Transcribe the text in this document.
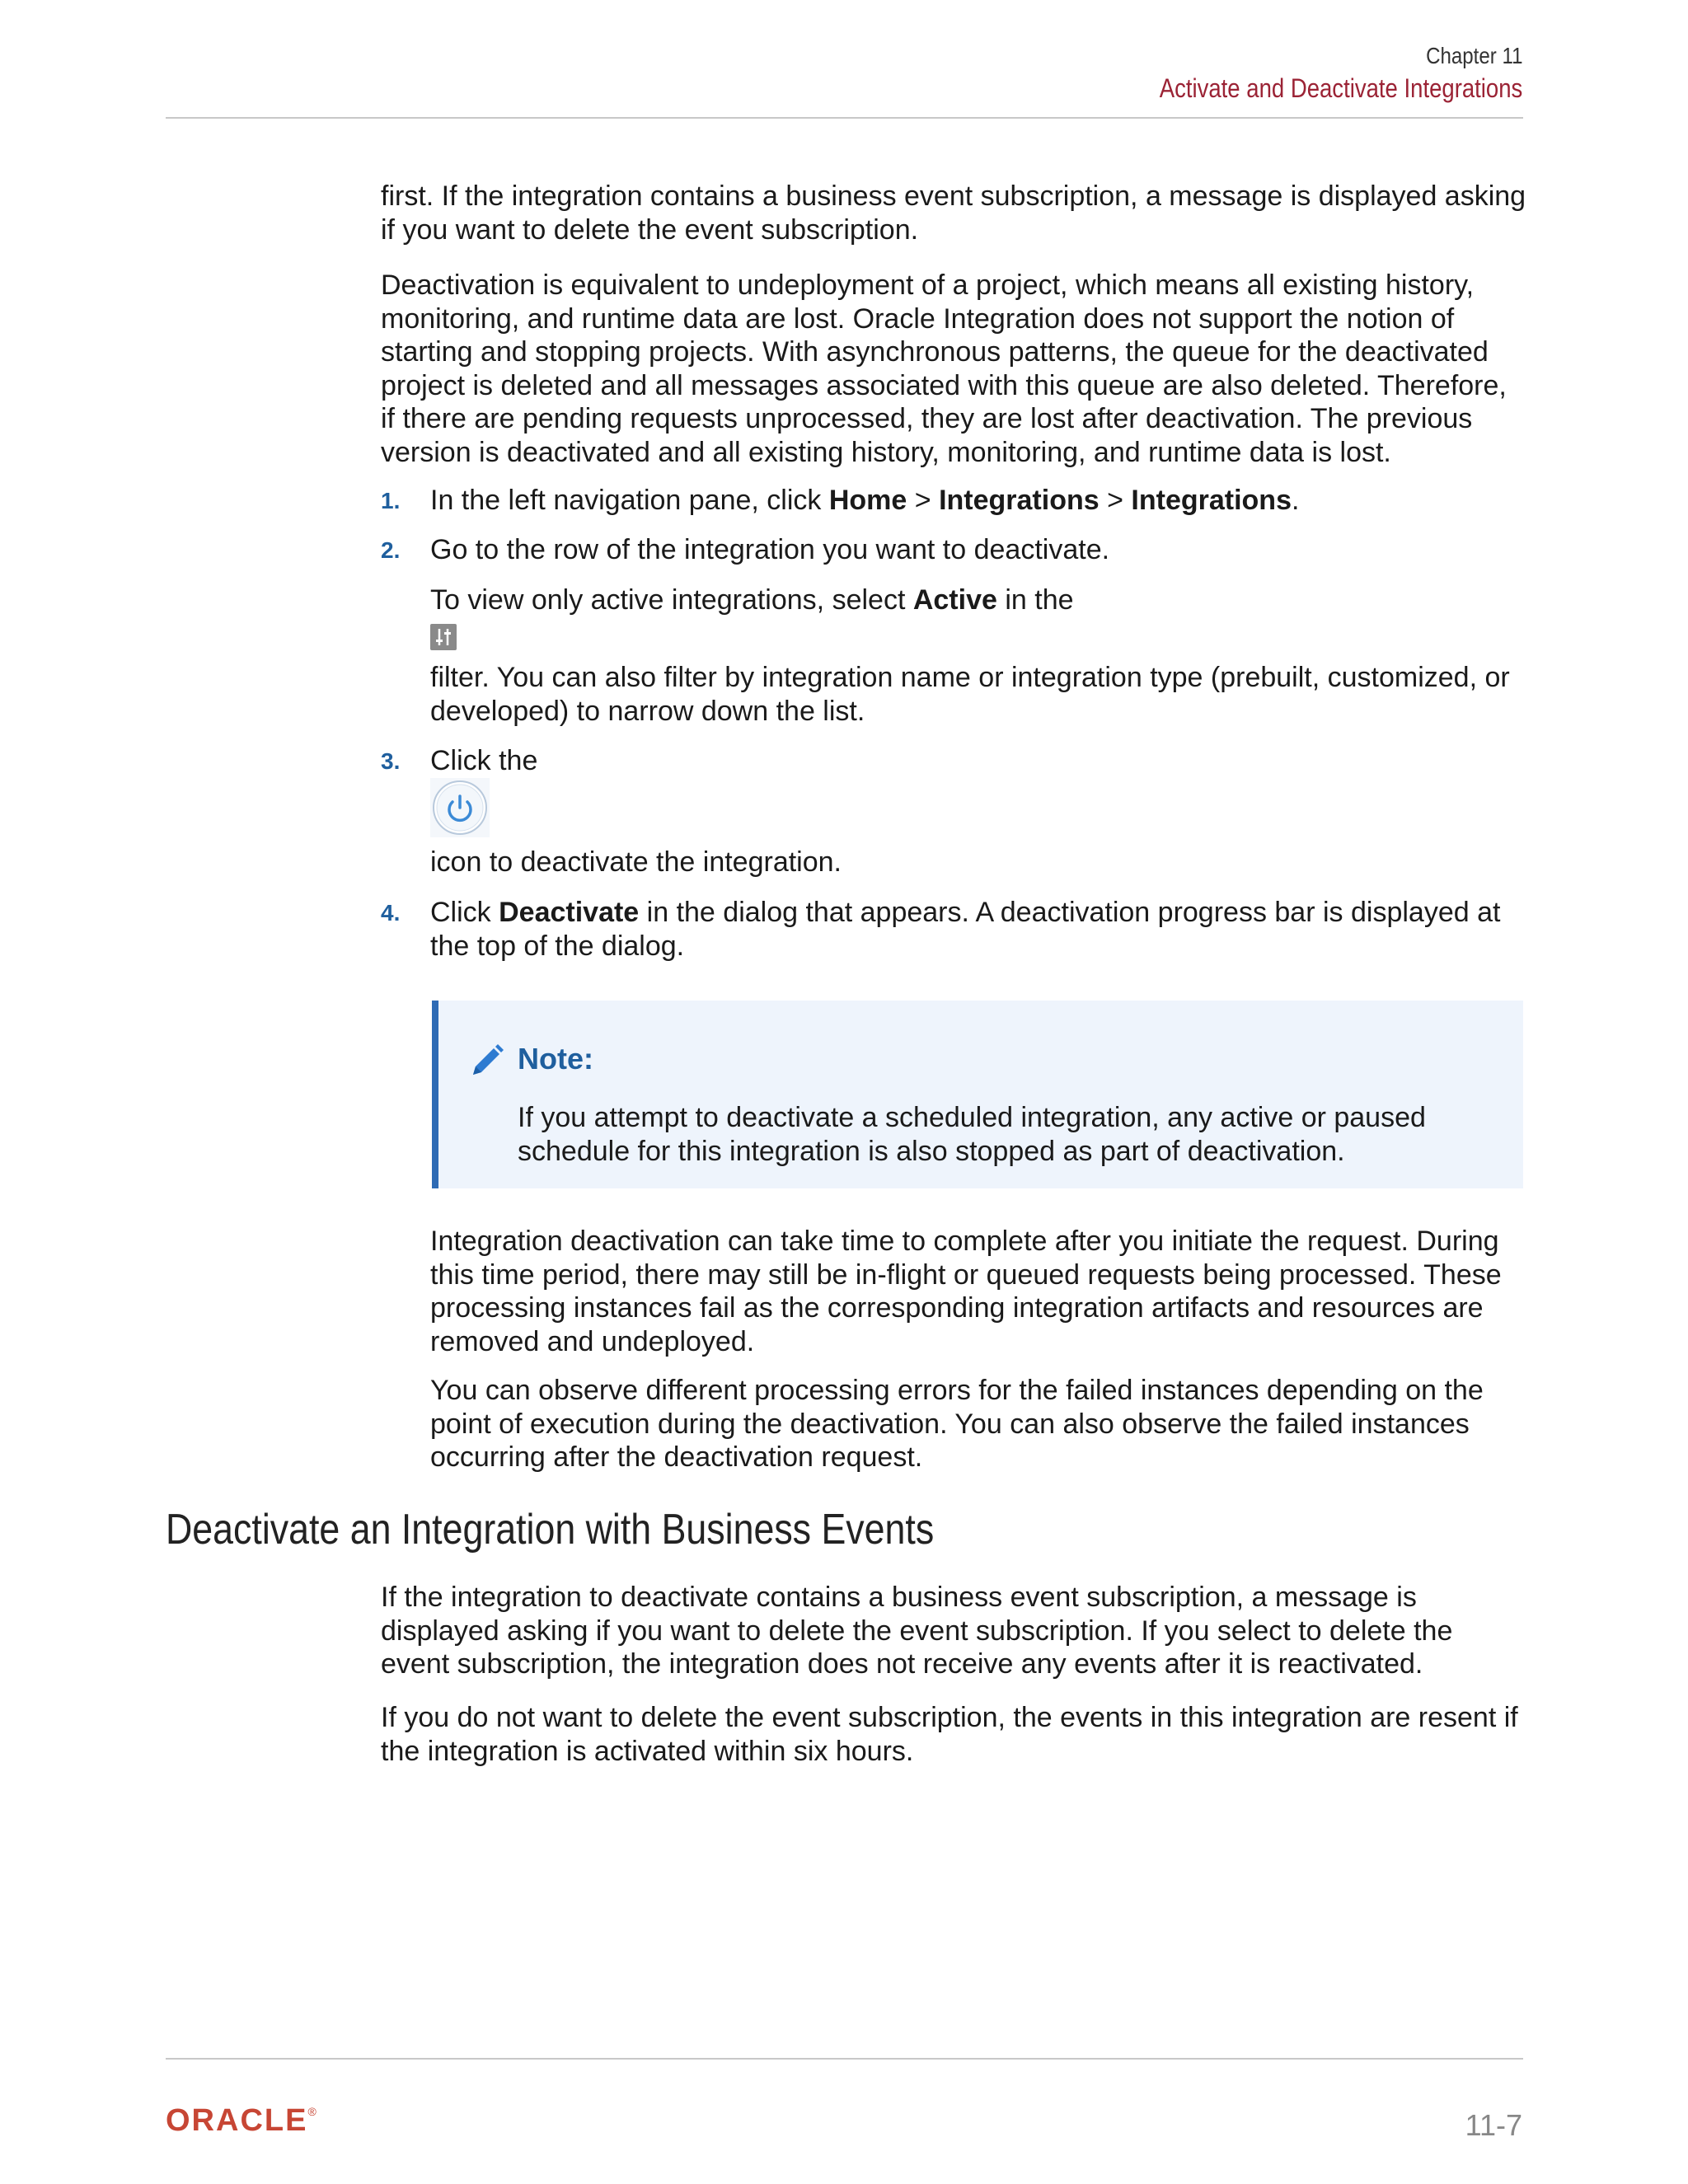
Chapter 11
Activate and Deactivate Integrations
first. If the integration contains a business event subscription, a message is displayed asking if you want to delete the event subscription.
Deactivation is equivalent to undeployment of a project, which means all existing history, monitoring, and runtime data are lost. Oracle Integration does not support the notion of starting and stopping projects. With asynchronous patterns, the queue for the deactivated project is deleted and all messages associated with this queue are also deleted. Therefore, if there are pending requests unprocessed, they are lost after deactivation. The previous version is deactivated and all existing history, monitoring, and runtime data is lost.
1. In the left navigation pane, click Home > Integrations > Integrations.
2. Go to the row of the integration you want to deactivate.
To view only active integrations, select Active in the
filter. You can also filter by integration name or integration type (prebuilt, customized, or developed) to narrow down the list.
3. Click the
icon to deactivate the integration.
4. Click Deactivate in the dialog that appears. A deactivation progress bar is displayed at the top of the dialog.
Note:
If you attempt to deactivate a scheduled integration, any active or paused schedule for this integration is also stopped as part of deactivation.
Integration deactivation can take time to complete after you initiate the request. During this time period, there may still be in-flight or queued requests being processed. These processing instances fail as the corresponding integration artifacts and resources are removed and undeployed.
You can observe different processing errors for the failed instances depending on the point of execution during the deactivation. You can also observe the failed instances occurring after the deactivation request.
Deactivate an Integration with Business Events
If the integration to deactivate contains a business event subscription, a message is displayed asking if you want to delete the event subscription. If you select to delete the event subscription, the integration does not receive any events after it is reactivated.
If you do not want to delete the event subscription, the events in this integration are resent if the integration is activated within six hours.
ORACLE®	11-7
